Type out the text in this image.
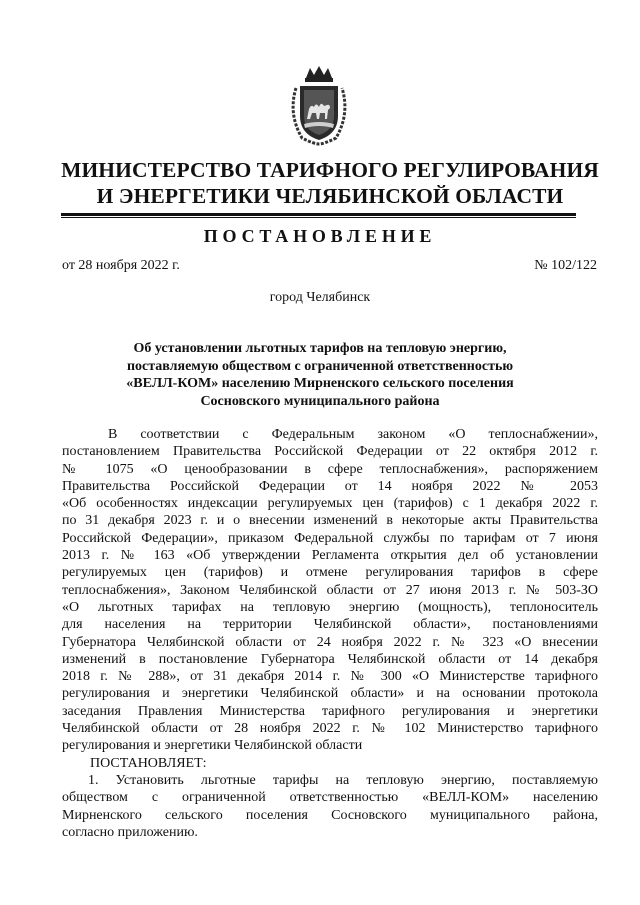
МИНИСТЕРСТВО ТАРИФНОГО РЕГУЛИРОВАНИЯ
И ЭНЕРГЕТИКИ ЧЕЛЯБИНСКОЙ ОБЛАСТИ
ПОСТАНОВЛЕНИЕ
от 28 ноября 2022 г.	№ 102/122
город Челябинск
Об установлении льготных тарифов на тепловую энергию,
поставляемую обществом с ограниченной ответственностью
«ВЕЛЛ-КОМ» населению Мирненского сельского поселения
Сосновского муниципального района
В соответствии с Федеральным законом «О теплоснабжении»,
постановлением Правительства Российской Федерации от 22 октября 2012 г.
№ 1075 «О ценообразовании в сфере теплоснабжения», распоряжением
Правительства Российской Федерации от 14 ноября 2022 № 2053
«Об особенностях индексации регулируемых цен (тарифов) с 1 декабря 2022 г.
по 31 декабря 2023 г. и о внесении изменений в некоторые акты Правительства
Российской Федерации», приказом Федеральной службы по тарифам от 7 июня
2013 г. № 163 «Об утверждении Регламента открытия дел об установлении
регулируемых цен (тарифов) и отмене регулирования тарифов в сфере
теплоснабжения», Законом Челябинской области от 27 июня 2013 г. № 503-ЗО
«О льготных тарифах на тепловую энергию (мощность), теплоноситель
для населения на территории Челябинской области», постановлениями
Губернатора Челябинской области от 24 ноября 2022 г. № 323 «О внесении
изменений в постановление Губернатора Челябинской области от 14 декабря
2018 г. № 288», от 31 декабря 2014 г. № 300 «О Министерстве тарифного
регулирования и энергетики Челябинской области» и на основании протокола
заседания Правления Министерства тарифного регулирования и энергетики
Челябинской области от 28 ноября 2022 г. № 102 Министерство тарифного
регулирования и энергетики Челябинской области
ПОСТАНОВЛЯЕТ:
1. Установить льготные тарифы на тепловую энергию, поставляемую
обществом с ограниченной ответственностью «ВЕЛЛ-КОМ» населению
Мирненского сельского поселения Сосновского муниципального района,
согласно приложению.
